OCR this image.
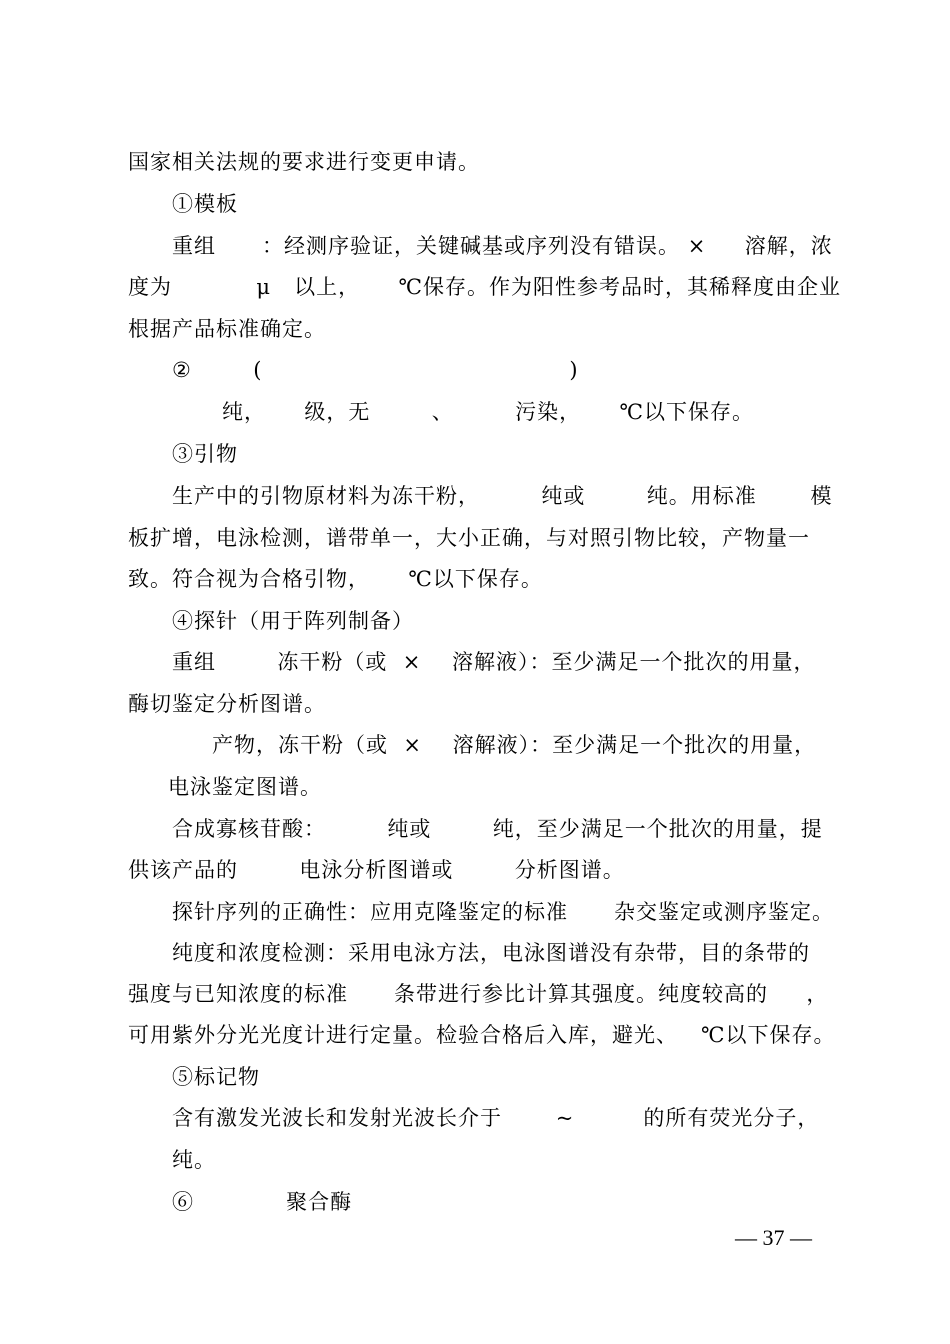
国家相关法规的要求进行变更申请。
①模板
重组      ：经测序验证，关键碱基或序列没有错误。 ×     溶解，浓
度为           μ   以上，     ℃保存。作为阳性参考品时，其稀释度由企业
根据产品标准确定。
②        (                                        )
纯，     级，无        、        污染，     ℃以下保存。
③引物
生产中的引物原材料为冻干粉，        纯或        纯。用标准       模
板扩增，电泳检测，谱带单一，大小正确，与对照引物比较，产物量一
致。符合视为合格引物，     ℃以下保存。
④探针（用于阵列制备）
重组        冻干粉（或  ×    溶解液）：至少满足一个批次的用量，
酶切鉴定分析图谱。
产物，冻干粉（或  ×    溶解液）：至少满足一个批次的用量，
电泳鉴定图谱。
合成寡核苷酸：        纯或        纯，至少满足一个批次的用量，提
供该产品的        电泳分析图谱或        分析图谱。
探针序列的正确性：应用克隆鉴定的标准      杂交鉴定或测序鉴定。
纯度和浓度检测：采用电泳方法，电泳图谱没有杂带，目的条带的
强度与已知浓度的标准      条带进行参比计算其强度。纯度较高的     ，
可用紫外分光光度计进行定量。检验合格后入库，避光、   ℃以下保存。
⑤标记物
含有激发光波长和发射光波长介于       ~         的所有荧光分子，
纯。
⑥            聚合酶
— 37 —
